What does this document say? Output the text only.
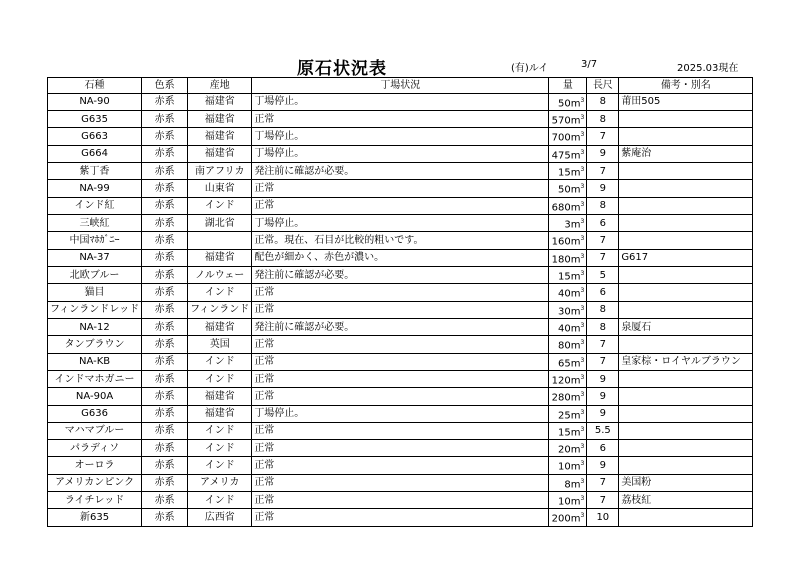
原石状況表	(有)ルイ	3/7	2025.03現在
石種	色系	産地	丁場状況	量	長尺	備考・別名
NA-90	赤系	福建省	丁場停止。	$50m^3$	8	莆田505
G635	赤系	福建省	正常	$570m^3$	8	
G663	赤系	福建省	丁場停止。	$700m^3$	7	
G664	赤系	福建省	丁場停止。	$475m^3$	9	紫庵治
紫丁香	赤系	南アフリカ	発注前に確認が必要。	$15m^3$	7	
NA-99	赤系	山東省	正常	$50m^3$	9	
インド紅	赤系	インド	正常	$680m^3$	8	
三峡紅	赤系	湖北省	丁場停止。	$3m^3$	6	
中国ﾏﾎｶﾞﾆｰ	赤系		正常。現在、石目が比較的粗いです。	$160m^3$	7	
NA-37	赤系	福建省	配色が細かく、赤色が濃い。	$180m^3$	7	G617
北欧ブルー	赤系	ノルウェー	発注前に確認が必要。	$15m^3$	5	
猫目	赤系	インド	正常	$40m^3$	6	
フィンランドレッド	赤系	フィンランド	正常	$30m^3$	8	
NA-12	赤系	福建省	発注前に確認が必要。	$40m^3$	8	泉厦石
タンブラウン	赤系	英国	正常	$80m^3$	7	
NA-KB	赤系	インド	正常	$65m^3$	7	皇家棕・ロイヤルブラウン
インドマホガニー	赤系	インド	正常	$120m^3$	9	
NA-90A	赤系	福建省	正常	$280m^3$	9	
G636	赤系	福建省	丁場停止。	$25m^3$	9	
マハマブルー	赤系	インド	正常	$15m^3$	5.5	
パラディソ	赤系	インド	正常	$20m^3$	6	
オーロラ	赤系	インド	正常	$10m^3$	9	
アメリカンピンク	赤系	アメリカ	正常	$8m^3$	7	美国粉
ライチレッド	赤系	インド	正常	$10m^3$	7	荔枝紅
新635	赤系	広西省	正常	$200m^3$	10	
